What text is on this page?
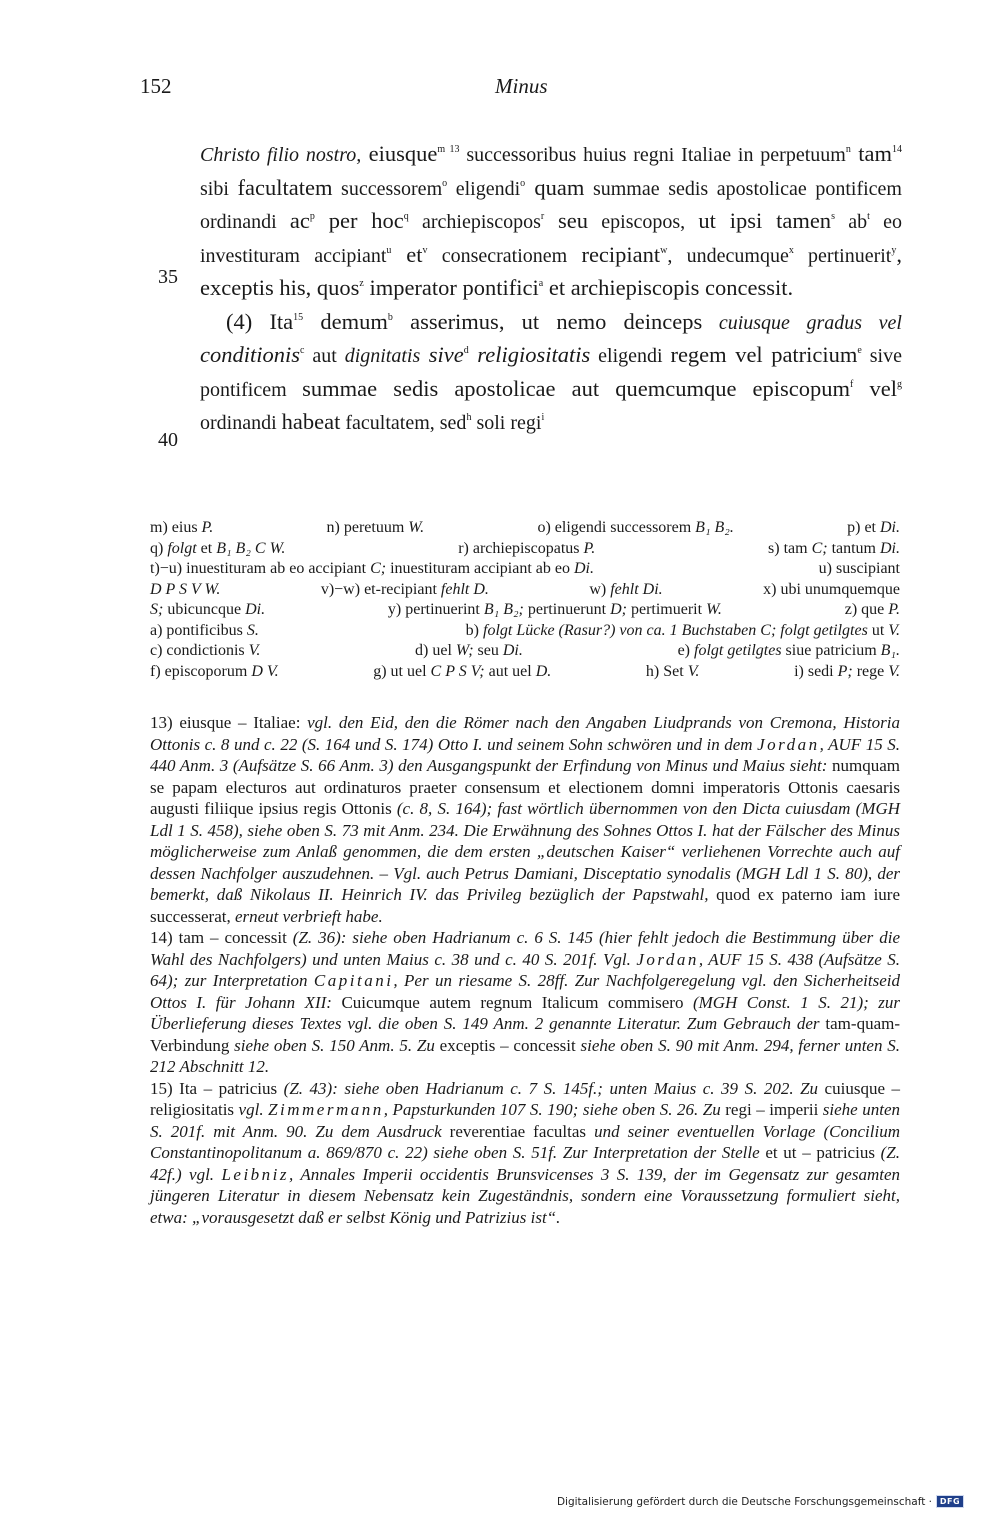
152	Minus
35
40

Christo filio nostro, eiusque$^{m 13}$ successoribus huius regni Italiae in perpetuum$^n$ tam$^{14}$ sibi facultatem successorem$^o$ eligendi$^o$ quam summae sedis apostolicae pontificem ordinandi $ac^p$ per hoc$^q$ archiepiscopos$^r$ seu episcopos, ut ipsi tamen$^s$ $ab^t$ eo investituram accipiant$^u$ $et^v$ consecrationem recipiant$^w$, undecumque$^x$ pertinuerit$^y$, exceptis his, quos$^z$ imperator pontifici$^a$ et archiepiscopis concessit.

(4) Ita$^{15}$ demum$^b$ asserimus, ut nemo deinceps cuiusque gradus vel conditionis$^c$ aut dignitatis sive$^d$ religiositatis eligendi regem vel patricium$^e$ sive pontificem summae sedis apostolicae aut quemcumque episcopum$^f$ vel$^g$ ordinandi habeat facultatem, sed$^h$ soli regi$^i$

m) eius P.	n) peretuum W.	o) eligendi successorem B₁ B₂.	p) et Di.
q) folgt et B₁ B₂ C W.	r) archiepiscopatus P.	s) tam C; tantum Di.
t)−u) inuestituram ab eo accipiant C; inuestituram accipiant ab eo Di.	u) suscipiant
D P S V W.	v)−w) et-recipiant fehlt D.	w) fehlt Di.	x) ubi unumquemque
S; ubicuncque Di.	y) pertinuerint B₁ B₂; pertinuerunt D; pertimuerit W.	z) que P.
a) pontificibus S.	b) folgt Lücke (Rasur?) von ca. 1 Buchstaben C; folgt getilgtes ut V.
c) condictionis V.	d) uel W; seu Di.	e) folgt getilgtes siue patricium B₁.
f) episcoporum D V.	g) ut uel C P S V; aut uel D.	h) Set V.	i) sedi P; rege V.

13) eiusque – Italiae: vgl. den Eid, den die Römer nach den Angaben Liudprands von Cremona, Historia Ottonis c. 8 und c. 22 (S. 164 und S. 174) Otto I. und seinem Sohn schwören und in dem Jordan, AUF 15 S. 440 Anm. 3 (Aufsätze S. 66 Anm. 3) den Ausgangspunkt der Erfindung von Minus und Maius sieht: numquam se papam electuros aut ordinaturos praeter consensum et electionem domni imperatoris Ottonis caesaris augusti filiique ipsius regis Ottonis (c. 8, S. 164); fast wörtlich übernommen von den Dicta cuiusdam (MGH Ldl 1 S. 458), siehe oben S. 73 mit Anm. 234. Die Erwähnung des Sohnes Ottos I. hat der Fälscher des Minus möglicherweise zum Anlaß genommen, die dem ersten „deutschen Kaiser“ verliehenen Vorrechte auch auf dessen Nachfolger auszudehnen. – Vgl. auch Petrus Damiani, Disceptatio synodalis (MGH Ldl 1 S. 80), der bemerkt, daß Nikolaus II. Heinrich IV. das Privileg bezüglich der Papstwahl, quod ex paterno iam iure successerat, erneut verbrieft habe.

14) tam – concessit (Z. 36): siehe oben Hadrianum c. 6 S. 145 (hier fehlt jedoch die Bestimmung über die Wahl des Nachfolgers) und unten Maius c. 38 und c. 40 S. 201f. Vgl. Jordan, AUF 15 S. 438 (Aufsätze S. 64); zur Interpretation Capitani, Per un riesame S. 28ff. Zur Nachfolgeregelung vgl. den Sicherheitseid Ottos I. für Johann XII: Cuicumque autem regnum Italicum commisero (MGH Const. 1 S. 21); zur Überlieferung dieses Textes vgl. die oben S. 149 Anm. 2 genannte Literatur. Zum Gebrauch der tam-quam-Verbindung siehe oben S. 150 Anm. 5. Zu exceptis – concessit siehe oben S. 90 mit Anm. 294, ferner unten S. 212 Abschnitt 12.

15) Ita – patricius (Z. 43): siehe oben Hadrianum c. 7 S. 145f.; unten Maius c. 39 S. 202. Zu cuiusque – religiositatis vgl. Zimmermann, Papsturkunden 107 S. 190; siehe oben S. 26. Zu regi – imperii siehe unten S. 201f. mit Anm. 90. Zu dem Ausdruck reverentiae facultas und seiner eventuellen Vorlage (Concilium Constantinopolitanum a. 869/870 c. 22) siehe oben S. 51f. Zur Interpretation der Stelle et ut – patricius (Z. 42f.) vgl. Leibniz, Annales Imperii occidentis Brunsvicenses 3 S. 139, der im Gegensatz zur gesamten jüngeren Literatur in diesem Nebensatz kein Zugeständnis, sondern eine Voraussetzung formuliert sieht, etwa: „vorausgesetzt daß er selbst König und Patrizius ist“.

Digitalisierung gefördert durch die Deutsche Forschungsgemeinschaft · DFG
